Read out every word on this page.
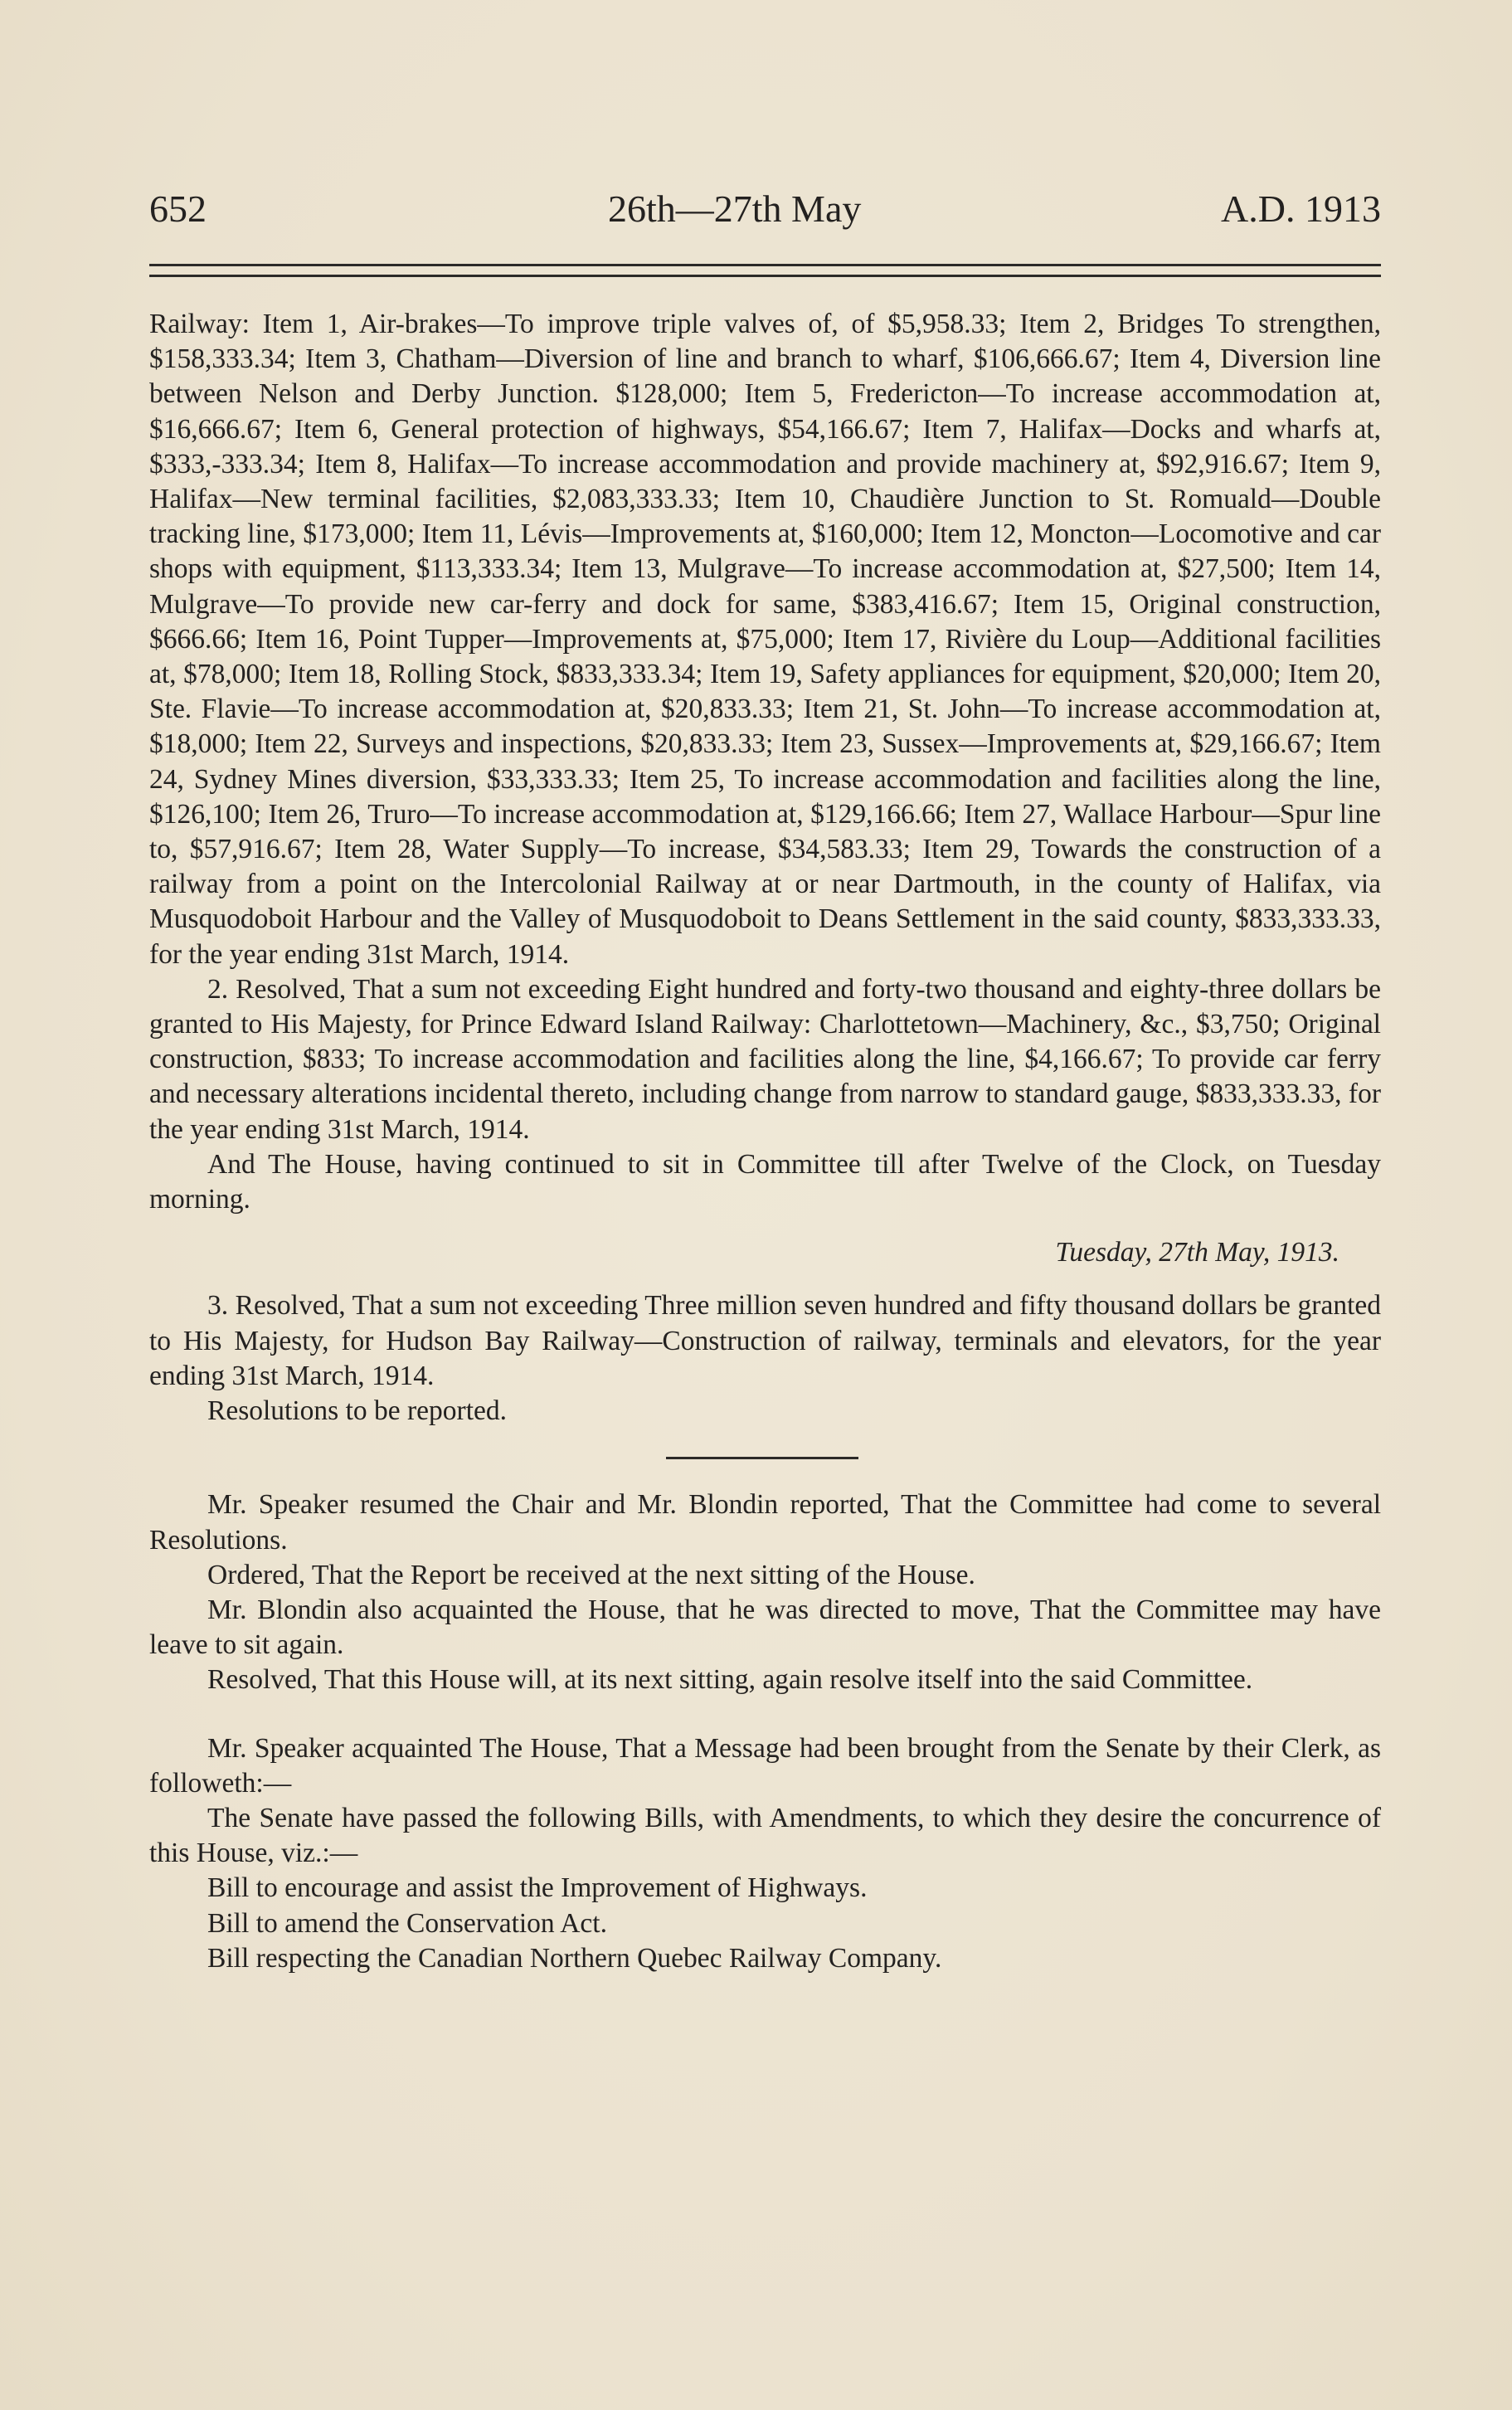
652	26th—27th May	A.D. 1913

Railway: Item 1, Air-brakes—To improve triple valves of, of $5,958.33; Item 2, Bridges To strengthen, $158,333.34; Item 3, Chatham—Diversion of line and branch to wharf, $106,666.67; Item 4, Diversion line between Nelson and Derby Junction. $128,000; Item 5, Fredericton—To increase accommodation at, $16,666.67; Item 6, General protection of highways, $54,166.67; Item 7, Halifax—Docks and wharfs at, $333,-333.34; Item 8, Halifax—To increase accommodation and provide machinery at, $92,916.67; Item 9, Halifax—New terminal facilities, $2,083,333.33; Item 10, Chaudière Junction to St. Romuald—Double tracking line, $173,000; Item 11, Lévis—Improvements at, $160,000; Item 12, Moncton—Locomotive and car shops with equipment, $113,333.34; Item 13, Mulgrave—To increase accommodation at, $27,500; Item 14, Mulgrave—To provide new car-ferry and dock for same, $383,416.67; Item 15, Original construction, $666.66; Item 16, Point Tupper—Improvements at, $75,000; Item 17, Rivière du Loup—Additional facilities at, $78,000; Item 18, Rolling Stock, $833,333.34; Item 19, Safety appliances for equipment, $20,000; Item 20, Ste. Flavie—To increase accommodation at, $20,833.33; Item 21, St. John—To increase accommodation at, $18,000; Item 22, Surveys and inspections, $20,833.33; Item 23, Sussex—Improvements at, $29,166.67; Item 24, Sydney Mines diversion, $33,333.33; Item 25, To increase accommodation and facilities along the line, $126,100; Item 26, Truro—To increase accommodation at, $129,166.66; Item 27, Wallace Harbour—Spur line to, $57,916.67; Item 28, Water Supply—To increase, $34,583.33; Item 29, Towards the construction of a railway from a point on the Intercolonial Railway at or near Dartmouth, in the county of Halifax, via Musquodoboit Harbour and the Valley of Musquodoboit to Deans Settlement in the said county, $833,333.33, for the year ending 31st March, 1914.

2. Resolved, That a sum not exceeding Eight hundred and forty-two thousand and eighty-three dollars be granted to His Majesty, for Prince Edward Island Railway: Charlottetown—Machinery, &c., $3,750; Original construction, $833; To increase accommodation and facilities along the line, $4,166.67; To provide car ferry and necessary alterations incidental thereto, including change from narrow to standard gauge, $833,333.33, for the year ending 31st March, 1914.

And The House, having continued to sit in Committee till after Twelve of the Clock, on Tuesday morning.

Tuesday, 27th May, 1913.

3. Resolved, That a sum not exceeding Three million seven hundred and fifty thousand dollars be granted to His Majesty, for Hudson Bay Railway—Construction of railway, terminals and elevators, for the year ending 31st March, 1914.

Resolutions to be reported.

Mr. Speaker resumed the Chair and Mr. Blondin reported, That the Committee had come to several Resolutions.

Ordered, That the Report be received at the next sitting of the House.

Mr. Blondin also acquainted the House, that he was directed to move, That the Committee may have leave to sit again.

Resolved, That this House will, at its next sitting, again resolve itself into the said Committee.

Mr. Speaker acquainted The House, That a Message had been brought from the Senate by their Clerk, as followeth:—

The Senate have passed the following Bills, with Amendments, to which they desire the concurrence of this House, viz.:—

Bill to encourage and assist the Improvement of Highways.

Bill to amend the Conservation Act.

Bill respecting the Canadian Northern Quebec Railway Company.
